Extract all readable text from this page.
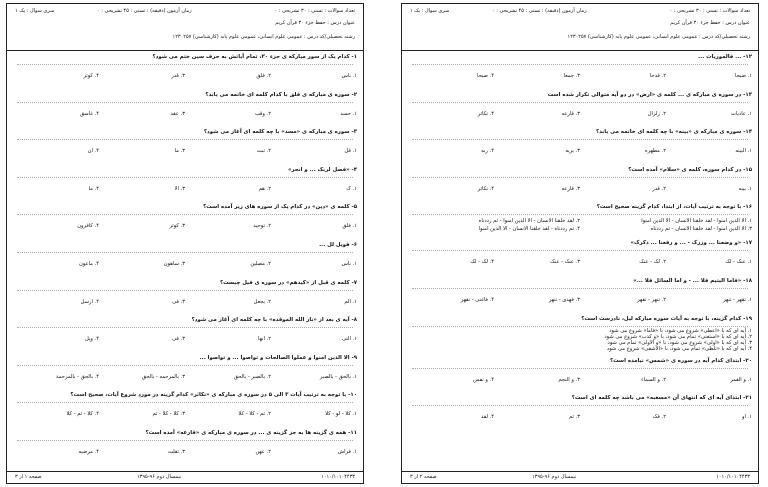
تعداد سوالات : تستی : ۳۰ تشریحی : ۰
زمان آزمون (دقیقه) : تستی : ۴۵ تشریحی : ۰
سری سوال : یک ۱
عنوان درس : حفظ جزء ۳۰ قرآن کریم
رشته تحصیلی/کد درس : عمومی علوم انسانی، عمومی علوم پایه (کارشناسی) ۱۲۳۰۲۵۷
۱- کدام یک از سور مبارکه ی جزء ۳۰، تمام آیاتش به حرف سین ختم می شود؟
۱. ناس
۲. فلق
۳. قدر
۴. کوثر
۲- سوره ی مبارکه ی فلق با کدام کلمه ای خاتمه می یابد؟
۱. حسد
۲. وقب
۳. عقد
۴. غاسق
۳- سوره ی مبارکه ی «مسد» با چه کلمه ای آغاز می شود؟
۱. قل
۲. تبت
۳. ما
۴. ان
۴- «فصل لربک ... و انحر»
۱. ک
۲. هم
۳. الا
۴. ما
۵- کلمه ی «دین» در کدام یک از سوره های زیر آمده است؟
۱. فلق
۲. توحید
۳. کوثر
۴. کافرون
۶- فویل لل ...
۱. ناس
۲. مصلین
۳. ساهون
۴. ماعون
۷- کلمه ی قبل از «کیدهم» در سوره ی فیل چیست؟
۱. الم
۲. یجعل
۳. فی
۴. ارسل
۸- آیه ی بعد از «نار الله الموقده» با چه کلمه ای آغاز می شود؟
۱. التی
۲. انها
۳. فی
۴. ویل
۹- الا الذین امنوا و عملوا الصالحات و تواصوا ... و تواصوا ...
۱. بالحق - بالصبر
۲. بالصبر - بالحق
۳. بالمرحمه - بالحق
۴. بالحق - بالمرحمة
۱۰- با توجه به ترتیب آیات ۳ الی ۵ در سوره ی مبارکه ی «تکاثر» کدام گزینه در مورد شروع آیات، صحیح است؟
۱. کلا - لو - کلا
۲. ثم - کلا - کلا
۳. کلا - کلا - ثم
۴. کلا - ثم - کلا
۱۱- همه ی گزینه ها به جز گزینه ی ... در سوره ی مبارکه ی «قارعه» آمده است؟
۱. فراش
۲. عهن
۳. ثقلت
۴. مرضیه
صفحه ۱ از ۳	نیمسال دوم ۹۶-۱۳۹۵	۱۰۱۰/۱۰۱۰۴۴۳۳
تعداد سوالات : تستی : ۳۰ تشریحی : ۰
زمان آزمون (دقیقه) : تستی : ۴۵ تشریحی : ۰
سری سوال : یک ۱
عنوان درس : حفظ جزء ۳۰ قرآن کریم
رشته تحصیلی/کد درس : عمومی علوم انسانی، عمومی علوم پایه (کارشناسی) ۱۲۳۰۲۵۷
۱۲- ... فالموریات ...
۱. ضبحا
۲. قدحا
۳. جمعا
۴. صبحا
۱۳- در سوره ی مبارکه ی ... کلمه ی «ارض» در دو آیه متوالی تکرار شده است
۱. عادیات
۲. زلزال
۳. قارعه
۴. تکاثر
۱۴- سوره ی مبارکه ی «بینه» با چه کلمه ای خاتمه می یابد؟
۱. البینه
۲. مطهره
۳. بریه
۴. ربه
۱۵- در کدام سوره، کلمه ی «سلام» آمده است؟
۱. بینه
۲. قدر
۳. قارعه
۴. تکاثر
۱۶- با توجه به ترتیب آیات، از ابتدا، کدام گزینه صحیح است؟
۱. الا الذین امنوا - لقد خلقنا الانسان - الا الذین امنوا
۲. لقد خلقنا الانسان - الا الذین امنوا - ثم رددناه
۳. الا الذین امنوا - لقد خلقنا الانسان - ثم رددناه
۴. ثم رددناه - لقد خلقنا الانسان - الا الذین امنوا
۱۷- «و وضعنا ... وزرک - ... و رفعنا ... ذکرک»
۱. عنک - لک
۲. لک - عنک
۳. عنک - عنک
۴. لک - لک
۱۸- «فاما الیتیم فلا ... - و اما السائل فلا ...»
۱. تقهر - تنهر
۲. تنهر - تقهر
۳. فهدی - تنهر
۴. فاغنی - تقهر
۱۹- کدام گزینه، با توجه به آیات سوره مبارکه لیل، نادرست است؟
۱. آیه ای که با «اعطی» شروع می شود، با «فاما» شروع می شود
۲. آیه ای که با «استغنی» تمام می شود، با «و کذب» شروع می شود
۳. آیه ای که با «اولی» شروع می شود، با «و الاولی» تمام می شود
۴. آیه ای که با «تلظی» تمام می شود، با «الاشقی» شروع می شود
۲۰- ابتدای کدام آیه در سوره ی «شمس» نیامده است؟
۱. و القمر
۲. و السماء
۳. و النجم
۴. و نفس
۲۱- ابتدای آیه ای که انتهای آن «مسغبه» می باشد چه کلمه ای است؟
۱. او
۲. فک
۳. ثم
۴. لقد
صفحه ۲ از ۳	نیمسال دوم ۹۶-۱۳۹۵	۱۰۱۰/۱۰۱۰۴۴۳۳
